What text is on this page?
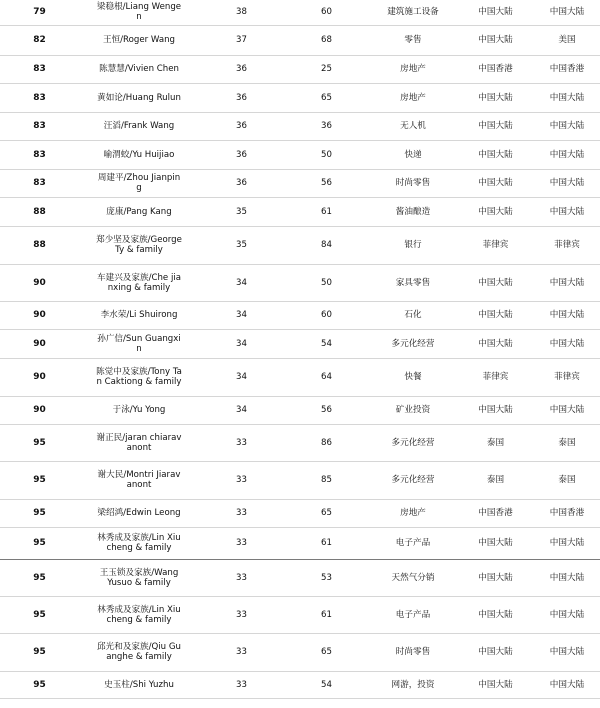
79	梁稳根/Liang Wengen	38	60	建筑施工设备	中国大陆	中国大陆
82	王恒/Roger Wang	37	68	零售	中国大陆	美国
83	陈慧慧/Vivien Chen	36	25	房地产	中国香港	中国香港
83	黄如论/Huang Rulun	36	65	房地产	中国大陆	中国大陆
83	汪滔/Frank Wang	36	36	无人机	中国大陆	中国大陆
83	喻渭蛟/Yu Huijiao	36	50	快递	中国大陆	中国大陆
83	周建平/Zhou Jianping	36	56	时尚零售	中国大陆	中国大陆
88	庞康/Pang Kang	35	61	酱油酿造	中国大陆	中国大陆
88	郑少坚及家族/George Ty & family	35	84	银行	菲律宾	菲律宾
90	车建兴及家族/Che jianxing & family	34	50	家具零售	中国大陆	中国大陆
90	李水荣/Li Shuirong	34	60	石化	中国大陆	中国大陆
90	孙广信/Sun Guangxin	34	54	多元化经营	中国大陆	中国大陆
90	陈觉中及家族/Tony Tan Caktiong & family	34	64	快餐	菲律宾	菲律宾
90	于泳/Yu Yong	34	56	矿业投资	中国大陆	中国大陆
95	谢正民/jaran chiaravanont	33	86	多元化经营	泰国	泰国
95	谢大民/Montri Jiaravanont	33	85	多元化经营	泰国	泰国
95	梁绍鸿/Edwin Leong	33	65	房地产	中国香港	中国香港
95	林秀成及家族/Lin Xiucheng & family	33	61	电子产品	中国大陆	中国大陆
95	王玉锁及家族/Wang Yusuo & family	33	53	天然气分销	中国大陆	中国大陆
95	林秀成及家族/Lin Xiucheng & family	33	61	电子产品	中国大陆	中国大陆
95	邱光和及家族/Qiu Guanghe & family	33	65	时尚零售	中国大陆	中国大陆
95	史玉柱/Shi Yuzhu	33	54	网游，投资	中国大陆	中国大陆
